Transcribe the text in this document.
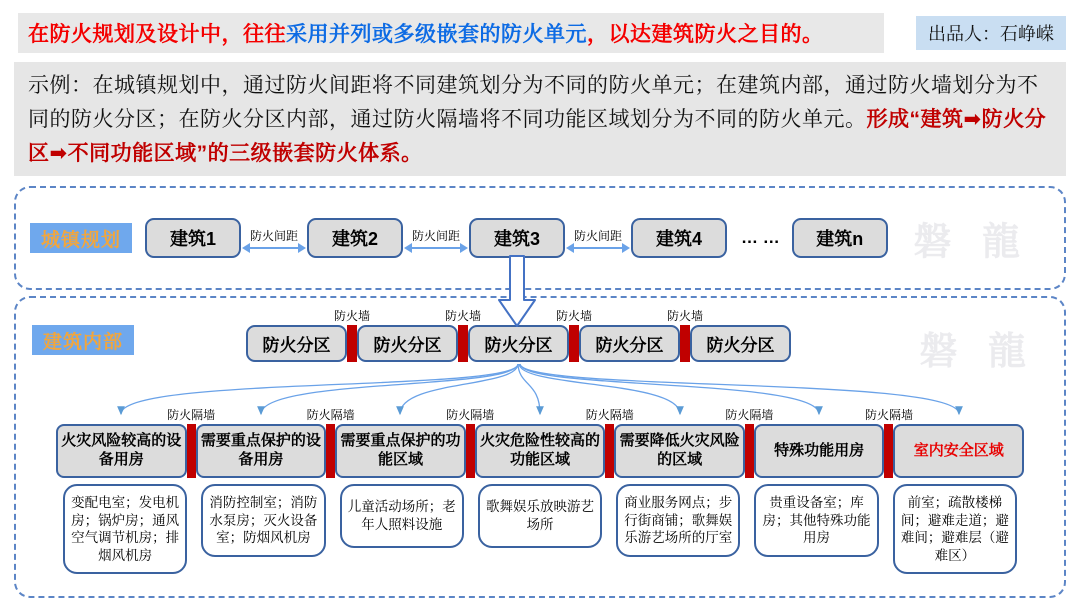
在防火规划及设计中，往往 采用并列或多级嵌套的防火单元 ，以达建筑防火之目的。	出品人：石峥嵘
示例：在城镇规划中，通过防火间距将不同建筑划分为不同的防火单元；在建筑内部，通过防火墙划分为不同的防火分区；在防火分区内部，通过防火隔墙将不同功能区域划分为不同的防火单元。形成“建筑➡防火分区➡不同功能区域”的三级嵌套防火体系。
城镇规划	建筑1	防火间距	建筑2	防火间距	建筑3	防火间距	建筑4	… …	建筑n	磐 龍
建筑内部	磐 龍
防火分区
防火墙
防火分区
防火墙
防火分区
防火墙
防火分区
防火墙
防火分区
火灾风险较高的设备用房
防火隔墙
需要重点保护的设备用房
防火隔墙
需要重点保护的功能区域
防火隔墙
火灾危险性较高的功能区域
防火隔墙
需要降低火灾风险的区域
防火隔墙
特殊功能用房
防火隔墙
室内安全区域
变配电室；发电机房；锅炉房；通风空气调节机房；排烟风机房
消防控制室；消防水泵房；灭火设备室；防烟风机房
儿童活动场所；老年人照料设施
歌舞娱乐放映游艺场所
商业服务网点；步行街商铺；歌舞娱乐游艺场所的厅室
贵重设备室；库房；其他特殊功能用房
前室；疏散楼梯间；避难走道；避难间；避难层（避难区）
